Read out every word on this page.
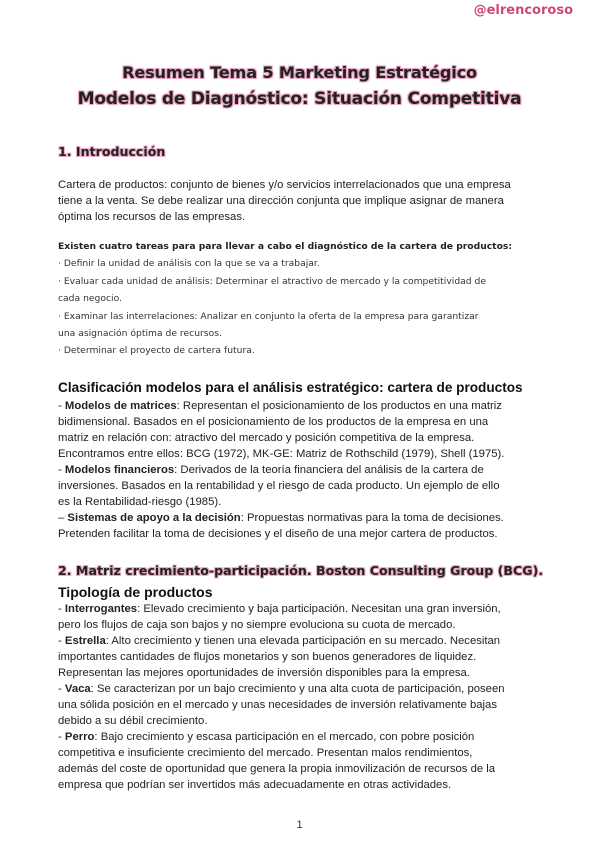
@elrencoroso
Resumen Tema 5 Marketing Estratégico
Modelos de Diagnóstico: Situación Competitiva
1. Introducción
Cartera de productos: conjunto de bienes y/o servicios interrelacionados que una empresa
tiene a la venta. Se debe realizar una dirección conjunta que implique asignar de manera
óptima los recursos de las empresas.
Existen cuatro tareas para para llevar a cabo el diagnóstico de la cartera de productos:
· Definir la unidad de análisis con la que se va a trabajar.
· Evaluar cada unidad de análisis: Determinar el atractivo de mercado y la competitividad de
cada negocio.
· Examinar las interrelaciones: Analizar en conjunto la oferta de la empresa para garantizar
una asignación óptima de recursos.
· Determinar el proyecto de cartera futura.
Clasificación modelos para el análisis estratégico: cartera de productos
- Modelos de matrices: Representan el posicionamiento de los productos en una matriz
bidimensional. Basados en el posicionamiento de los productos de la empresa en una
matriz en relación con: atractivo del mercado y posición competitiva de la empresa.
Encontramos entre ellos: BCG (1972), MK-GE: Matriz de Rothschild (1979), Shell (1975).
- Modelos financieros: Derivados de la teoría financiera del análisis de la cartera de
inversiones. Basados en la rentabilidad y el riesgo de cada producto. Un ejemplo de ello
es la Rentabilidad-riesgo (1985).
– Sistemas de apoyo a la decisión: Propuestas normativas para la toma de decisiones.
Pretenden facilitar la toma de decisiones y el diseño de una mejor cartera de productos.
2. Matriz crecimiento-participación. Boston Consulting Group (BCG).
Tipología de productos
- Interrogantes: Elevado crecimiento y baja participación. Necesitan una gran inversión,
pero los flujos de caja son bajos y no siempre evoluciona su cuota de mercado.
- Estrella: Alto crecimiento y tienen una elevada participación en su mercado. Necesitan
importantes cantidades de flujos monetarios y son buenos generadores de liquidez.
Representan las mejores oportunidades de inversión disponibles para la empresa.
- Vaca: Se caracterizan por un bajo crecimiento y una alta cuota de participación, poseen
una sólida posición en el mercado y unas necesidades de inversión relativamente bajas
debido a su débil crecimiento.
- Perro: Bajo crecimiento y escasa participación en el mercado, con pobre posición
competitiva e insuficiente crecimiento del mercado. Presentan malos rendimientos,
además del coste de oportunidad que genera la propia inmovilización de recursos de la
empresa que podrían ser invertidos más adecuadamente en otras actividades.
1
